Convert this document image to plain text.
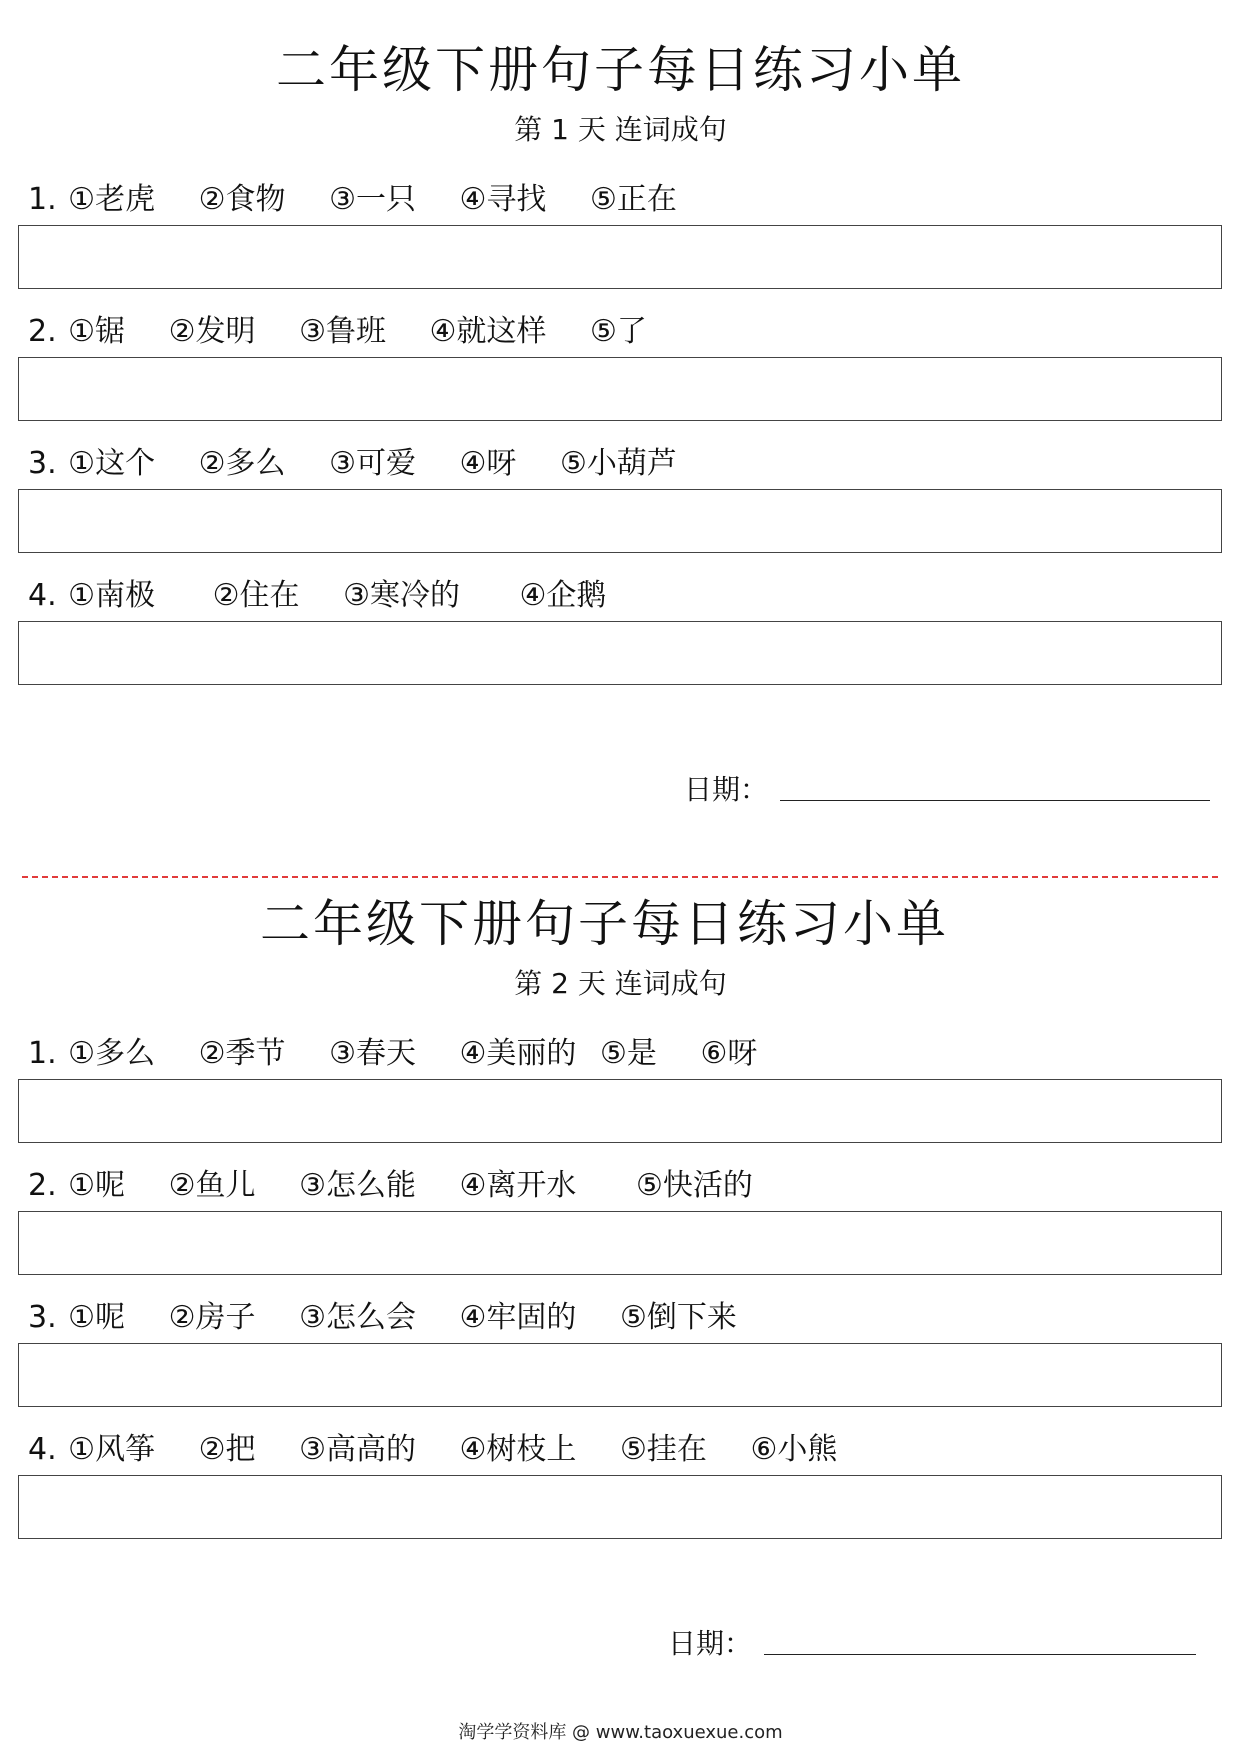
二年级下册句子每日练习小单
第 1 天 连词成句
1. ①老虎 ②食物 ③一只 ④寻找 ⑤正在
2. ①锯 ②发明 ③鲁班 ④就这样 ⑤了
3. ①这个 ②多么 ③可爱 ④呀 ⑤小葫芦
4. ①南极 ②住在 ③寒冷的 ④企鹅
日期：
二年级下册句子每日练习小单
第 2 天 连词成句
1. ①多么 ②季节 ③春天 ④美丽的 ⑤是 ⑥呀
2. ①呢 ②鱼儿 ③怎么能 ④离开水 ⑤快活的
3. ①呢 ②房子 ③怎么会 ④牢固的 ⑤倒下来
4. ①风筝 ②把 ③高高的 ④树枝上 ⑤挂在 ⑥小熊
日期：
淘学学资料库 @ www.taoxuexue.com
